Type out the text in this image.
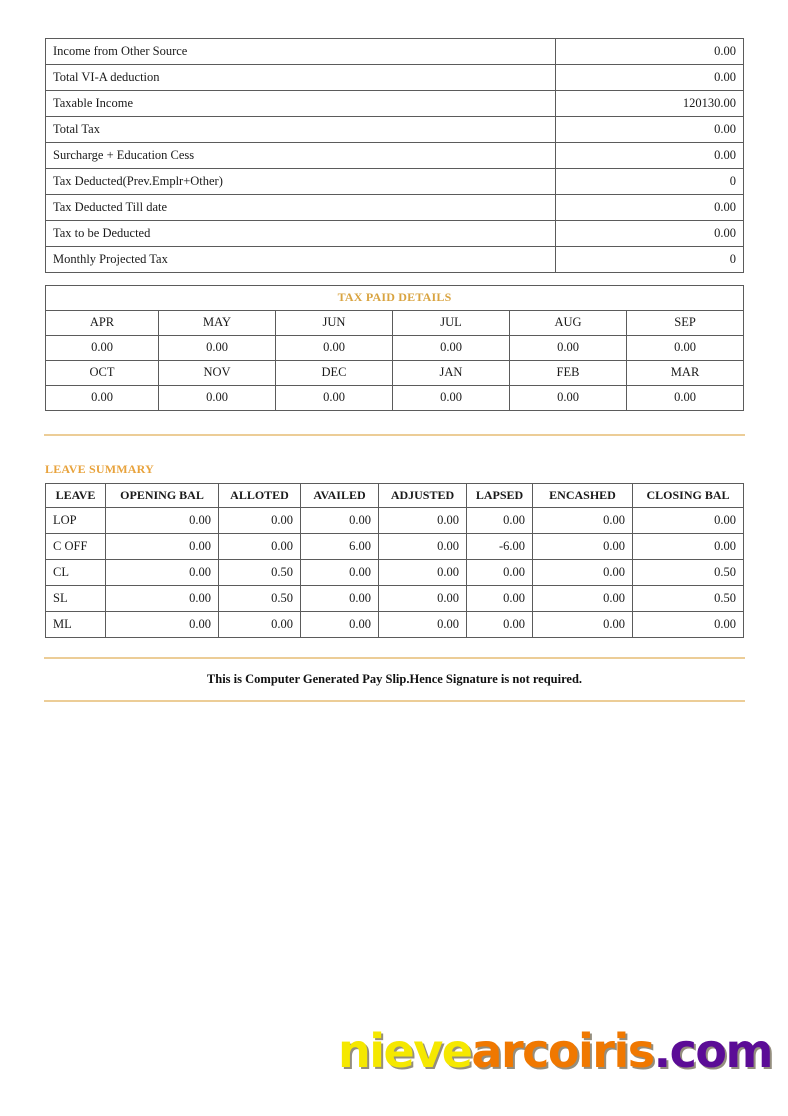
Income from Other Source	0.00
Total VI-A deduction	0.00
Taxable Income	120130.00
Total Tax	0.00
Surcharge + Education Cess	0.00
Tax Deducted(Prev.Emplr+Other)	0
Tax Deducted Till date	0.00
Tax to be Deducted	0.00
Monthly Projected Tax	0
TAX PAID DETAILS					
APR	MAY	JUN	JUL	AUG	SEP
0.00	0.00	0.00	0.00	0.00	0.00
OCT	NOV	DEC	JAN	FEB	MAR
0.00	0.00	0.00	0.00	0.00	0.00
LEAVE SUMMARY
LEAVE	OPENING BAL	ALLOTED	AVAILED	ADJUSTED	LAPSED	ENCASHED	CLOSING BAL
LOP	0.00	0.00	0.00	0.00	0.00	0.00	0.00
C OFF	0.00	0.00	6.00	0.00	-6.00	0.00	0.00
CL	0.00	0.50	0.00	0.00	0.00	0.00	0.50
SL	0.00	0.50	0.00	0.00	0.00	0.00	0.50
ML	0.00	0.00	0.00	0.00	0.00	0.00	0.00
This is Computer Generated Pay Slip.Hence Signature is not required.
nievearcoiris.com
